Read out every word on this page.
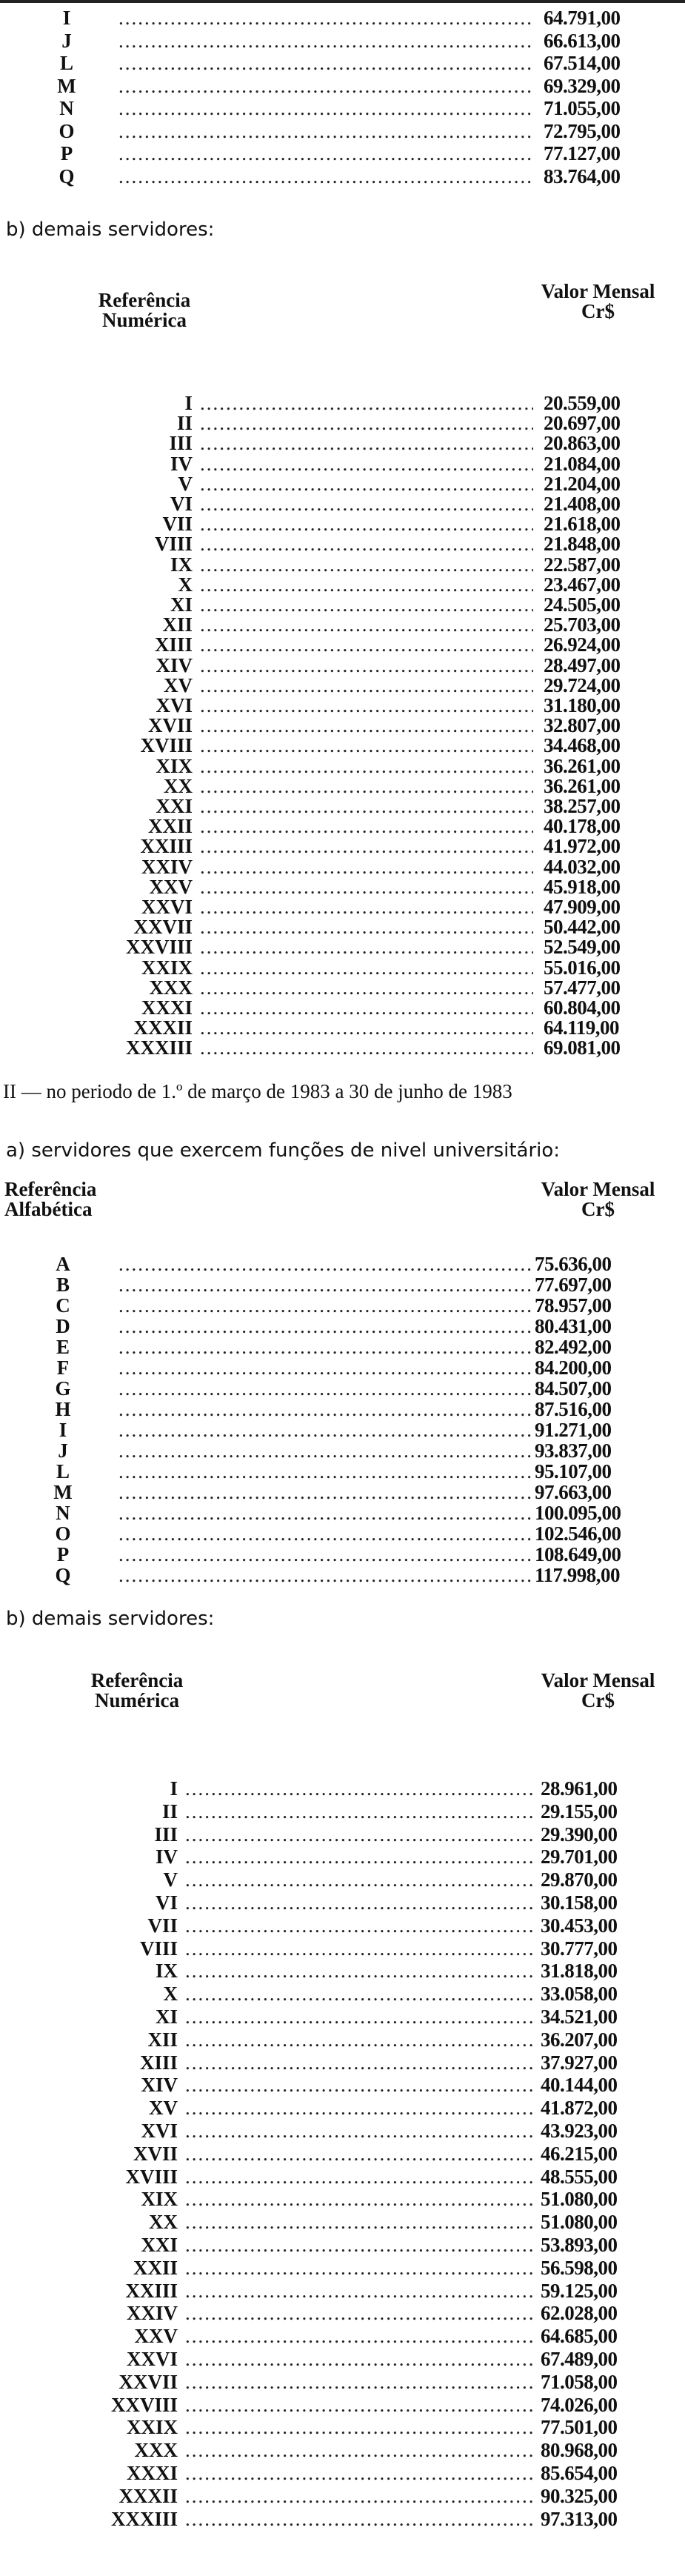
I .....	64.791,00
J .....	66.613,00
L .....	67.514,00
M .....	69.329,00
N .....	71.055,00
O .....	72.795,00
P .....	77.127,00
Q .....	83.764,00
b) demais servidores:
Referência
Numérica
Valor Mensal
Cr$
I .....	20.559,00
II .....	20.697,00
III .....	20.863,00
IV .....	21.084,00
V .....	21.204,00
VI .....	21.408,00
VII .....	21.618,00
VIII .....	21.848,00
IX .....	22.587,00
X .....	23.467,00
XI .....	24.505,00
XII .....	25.703,00
XIII .....	26.924,00
XIV .....	28.497,00
XV .....	29.724,00
XVI .....	31.180,00
XVII .....	32.807,00
XVIII .....	34.468,00
XIX .....	36.261,00
XX .....	36.261,00
XXI .....	38.257,00
XXII .....	40.178,00
XXIII .....	41.972,00
XXIV .....	44.032,00
XXV .....	45.918,00
XXVI .....	47.909,00
XXVII .....	50.442,00
XXVIII .....	52.549,00
XXIX .....	55.016,00
XXX .....	57.477,00
XXXI .....	60.804,00
XXXII .....	64.119,00
XXXIII .....	69.081,00
II — no periodo de 1.º de março de 1983 a 30 de junho de 1983
a) servidores que exercem funções de nivel universitário:
Referência
Alfabética
Valor Mensal
Cr$
A .....	75.636,00
B .....	77.697,00
C .....	78.957,00
D .....	80.431,00
E .....	82.492,00
F .....	84.200,00
G .....	84.507,00
H .....	87.516,00
I .....	91.271,00
J .....	93.837,00
L .....	95.107,00
M .....	97.663,00
N .....	100.095,00
O .....	102.546,00
P .....	108.649,00
Q .....	117.998,00
b) demais servidores:
Referência
Numérica
Valor Mensal
Cr$
I .....	28.961,00
II .....	29.155,00
III .....	29.390,00
IV .....	29.701,00
V .....	29.870,00
VI .....	30.158,00
VII .....	30.453,00
VIII .....	30.777,00
IX .....	31.818,00
X .....	33.058,00
XI .....	34.521,00
XII .....	36.207,00
XIII .....	37.927,00
XIV .....	40.144,00
XV .....	41.872,00
XVI .....	43.923,00
XVII .....	46.215,00
XVIII .....	48.555,00
XIX .....	51.080,00
XX .....	51.080,00
XXI .....	53.893,00
XXII .....	56.598,00
XXIII .....	59.125,00
XXIV .....	62.028,00
XXV .....	64.685,00
XXVI .....	67.489,00
XXVII .....	71.058,00
XXVIII .....	74.026,00
XXIX .....	77.501,00
XXX .....	80.968,00
XXXI .....	85.654,00
XXXII .....	90.325,00
XXXIII .....	97.313,00
